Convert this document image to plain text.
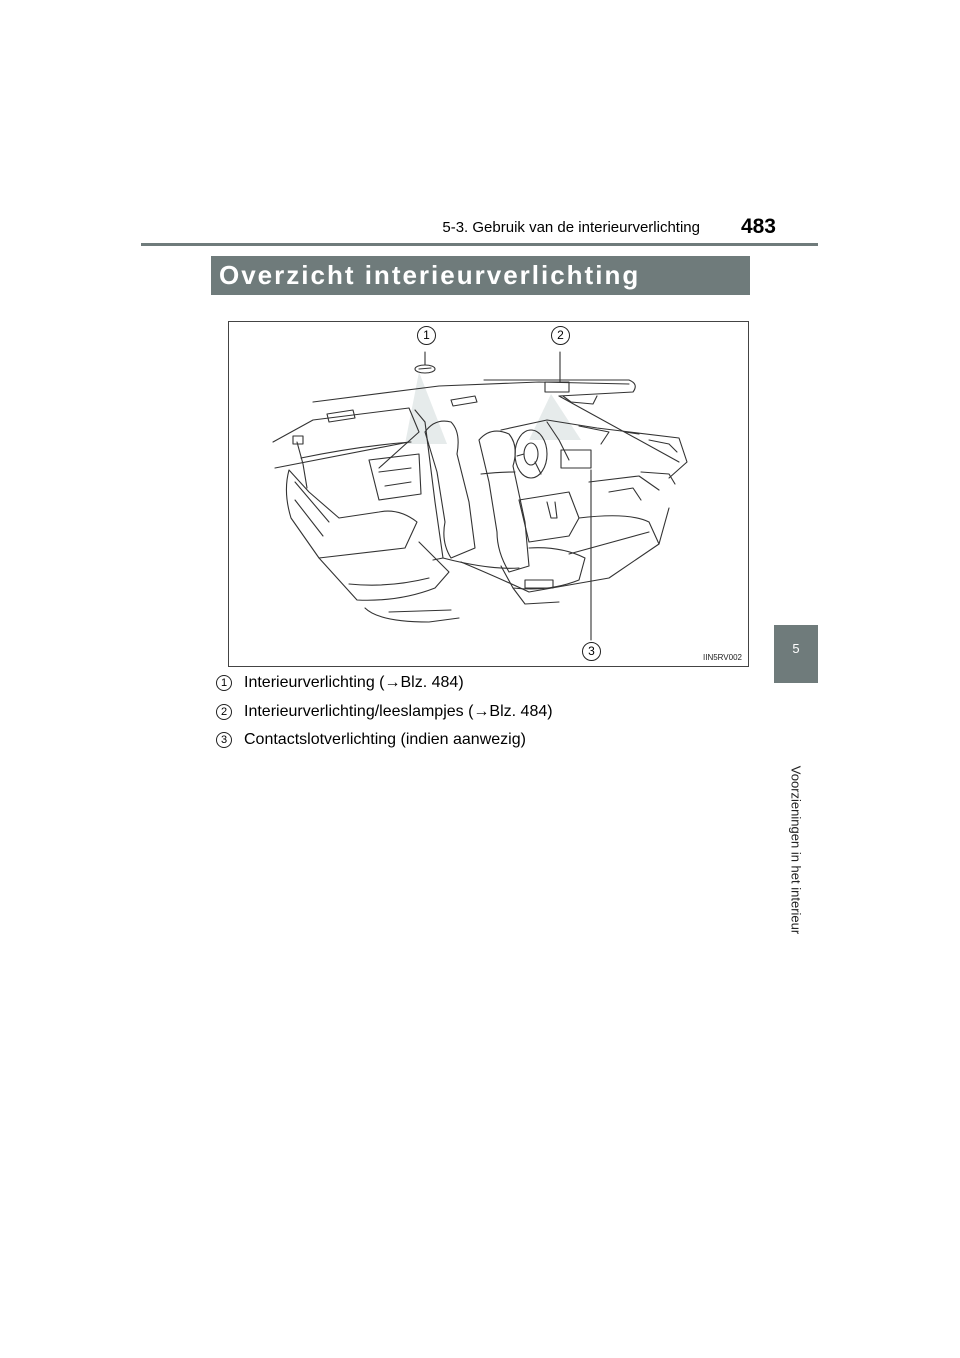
5-3. Gebruik van de interieurverlichting	483
5
Voorzieningen in het interieur
Overzicht interieurverlichting
1	2
3	IIN5RV002
1	Interieurverlichting (→Blz. 484)
2	Interieurverlichting/leeslampjes (→Blz. 484)
3	Contactslotverlichting (indien aanwezig)
